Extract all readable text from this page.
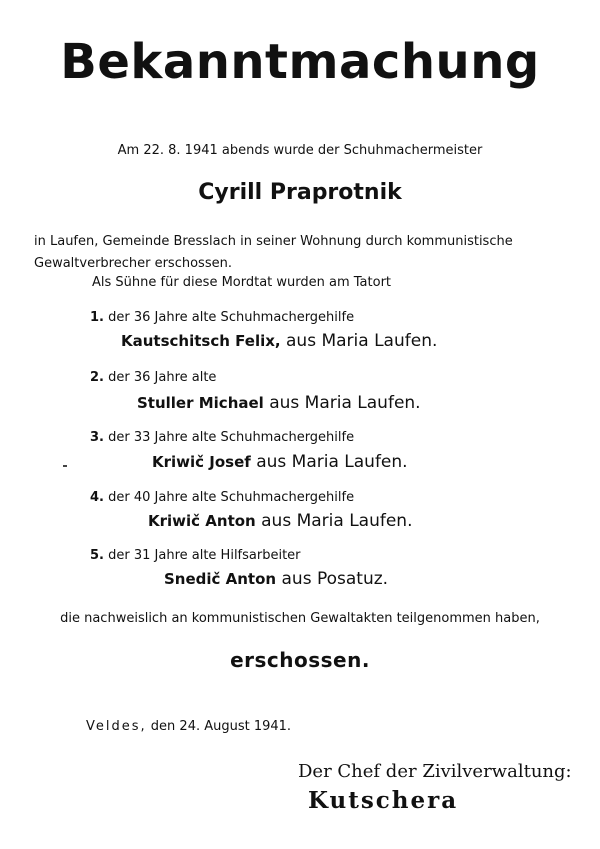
Bekanntmachung
Am 22. 8. 1941 abends wurde der Schuhmachermeister
Cyrill Praprotnik
in Laufen, Gemeinde Bresslach in seiner Wohnung durch kommunistische Gewaltverbrecher erschossen.
Als Sühne für diese Mordtat wurden am Tatort
1. der 36 Jahre alte Schuhmachergehilfe
Kautschitsch Felix, aus Maria Laufen.
2. der 36 Jahre alte
Stuller Michael aus Maria Laufen.
3. der 33 Jahre alte Schuhmachergehilfe
Kriwič Josef aus Maria Laufen.
4. der 40 Jahre alte Schuhmachergehilfe
Kriwič Anton aus Maria Laufen.
5. der 31 Jahre alte Hilfsarbeiter
Snedič Anton aus Posatuz.
die nachweislich an kommunistischen Gewaltakten teilgenommen haben,
erschossen.
Veldes, den 24. August 1941.
Der Chef der Zivilverwaltung:
Kutschera
